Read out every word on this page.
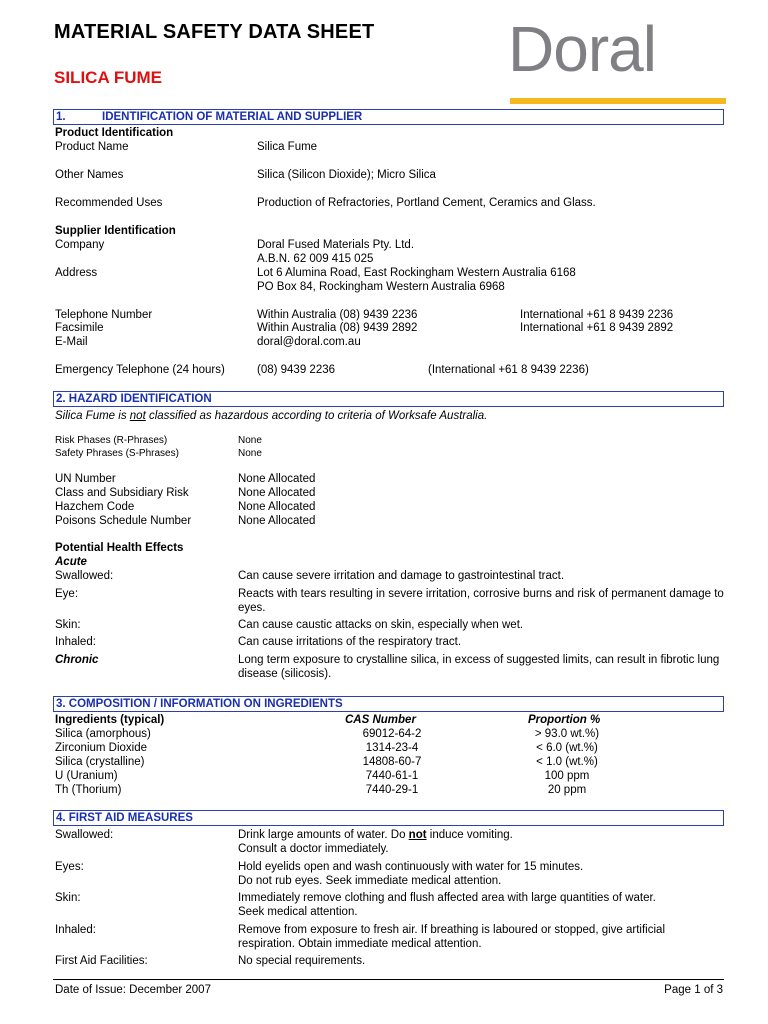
MATERIAL SAFETY DATA SHEET
SILICA FUME	Doral
1.	IDENTIFICATION OF MATERIAL AND SUPPLIER
Product Identification
Product Name	Silica Fume
Other Names	Silica (Silicon Dioxide); Micro Silica
Recommended Uses	Production of Refractories, Portland Cement, Ceramics and Glass.
Supplier Identification
Company	Doral Fused Materials Pty. Ltd.
A.B.N. 62 009 415 025
Address	Lot 6 Alumina Road, East Rockingham Western Australia 6168
PO Box 84, Rockingham Western Australia 6968
Telephone Number	Within Australia (08) 9439 2236	International +61 8 9439 2236
Facsimile	Within Australia (08) 9439 2892	International +61 8 9439 2892
E-Mail	doral@doral.com.au
Emergency Telephone (24 hours)	(08) 9439 2236	(International +61 8 9439 2236)
2. HAZARD IDENTIFICATION
Silica Fume is not classified as hazardous according to criteria of Worksafe Australia.
Risk Phases (R-Phrases)	None
Safety Phrases (S-Phrases)	None
UN Number	None Allocated
Class and Subsidiary Risk	None Allocated
Hazchem Code	None Allocated
Poisons Schedule Number	None Allocated
Potential Health Effects
Acute
Swallowed:	Can cause severe irritation and damage to gastrointestinal tract.
Eye:	Reacts with tears resulting in severe irritation, corrosive burns and risk of permanent damage to eyes.
Skin:	Can cause caustic attacks on skin, especially when wet.
Inhaled:	Can cause irritations of the respiratory tract.
Chronic	Long term exposure to crystalline silica, in excess of suggested limits, can result in fibrotic lung disease (silicosis).
3. COMPOSITION / INFORMATION ON INGREDIENTS
Ingredients (typical)	CAS Number	Proportion %
Silica (amorphous)	69012-64-2	> 93.0 wt.%)
Zirconium Dioxide	1314-23-4	< 6.0 (wt.%)
Silica (crystalline)	14808-60-7	< 1.0 (wt.%)
U (Uranium)	7440-61-1	100 ppm
Th (Thorium)	7440-29-1	20 ppm
4. FIRST AID MEASURES
Swallowed:	Drink large amounts of water. Do not induce vomiting.
Consult a doctor immediately.
Eyes:	Hold eyelids open and wash continuously with water for 15 minutes.
Do not rub eyes. Seek immediate medical attention.
Skin:	Immediately remove clothing and flush affected area with large quantities of water.
Seek medical attention.
Inhaled:	Remove from exposure to fresh air. If breathing is laboured or stopped, give artificial
respiration. Obtain immediate medical attention.
First Aid Facilities:	No special requirements.
Date of Issue: December 2007	Page 1 of 3
